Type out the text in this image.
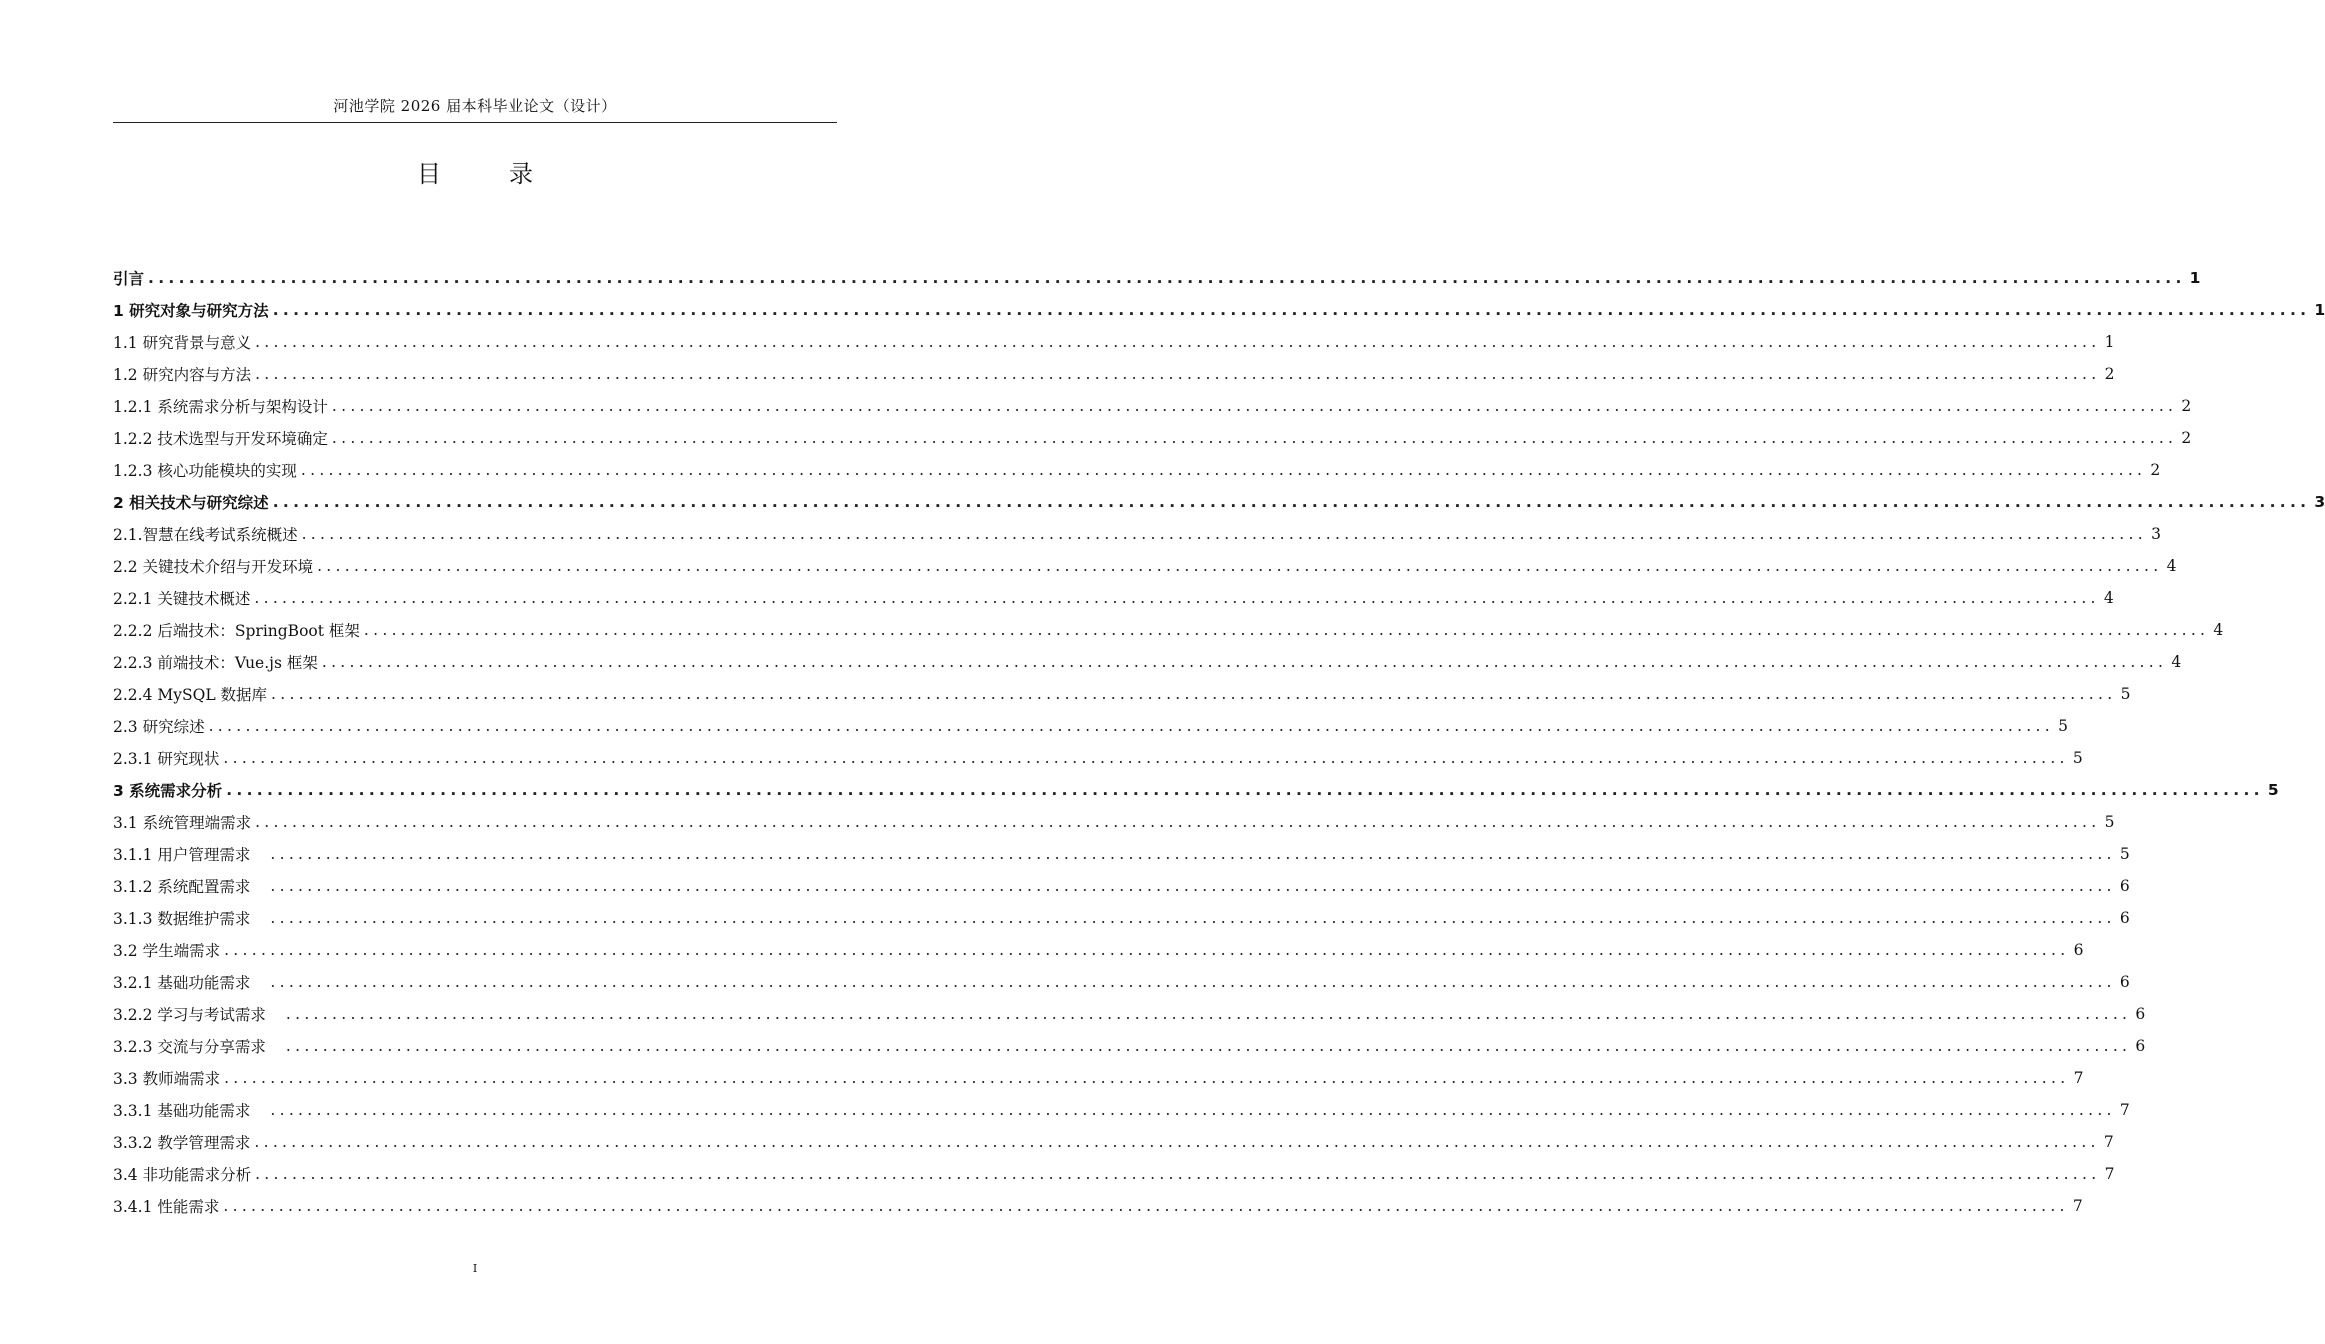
河池学院 2026 届本科毕业论文（设计）
目　录
引言 ........................................................................................................................................................................................................ 1
1 研究对象与研究方法 ........................................................................................................................................................................................................ 1
1.1 研究背景与意义 ........................................................................................................................................................................................................ 1
1.2 研究内容与方法 ........................................................................................................................................................................................................ 2
1.2.1 系统需求分析与架构设计 ........................................................................................................................................................................................................ 2
1.2.2 技术选型与开发环境确定 ........................................................................................................................................................................................................ 2
1.2.3 核心功能模块的实现 ........................................................................................................................................................................................................ 2
2 相关技术与研究综述 ........................................................................................................................................................................................................ 3
2.1.智慧在线考试系统概述 ........................................................................................................................................................................................................ 3
2.2 关键技术介绍与开发环境 ........................................................................................................................................................................................................ 4
2.2.1 关键技术概述 ........................................................................................................................................................................................................ 4
2.2.2 后端技术：SpringBoot 框架 ........................................................................................................................................................................................................ 4
2.2.3 前端技术：Vue.js 框架 ........................................................................................................................................................................................................ 4
2.2.4 MySQL 数据库 ........................................................................................................................................................................................................ 5
2.3 研究综述 ........................................................................................................................................................................................................ 5
2.3.1 研究现状 ........................................................................................................................................................................................................ 5
3 系统需求分析 ........................................................................................................................................................................................................ 5
3.1 系统管理端需求 ........................................................................................................................................................................................................ 5
3.1.1 用户管理需求	........................................................................................................................................................................................................ 5
3.1.2 系统配置需求	........................................................................................................................................................................................................ 6
3.1.3 数据维护需求	........................................................................................................................................................................................................ 6
3.2 学生端需求 ........................................................................................................................................................................................................ 6
3.2.1 基础功能需求	........................................................................................................................................................................................................ 6
3.2.2 学习与考试需求	........................................................................................................................................................................................................ 6
3.2.3 交流与分享需求	........................................................................................................................................................................................................ 6
3.3 教师端需求 ........................................................................................................................................................................................................ 7
3.3.1 基础功能需求	........................................................................................................................................................................................................ 7
3.3.2 教学管理需求 ........................................................................................................................................................................................................ 7
3.4 非功能需求分析 ........................................................................................................................................................................................................ 7
3.4.1 性能需求 ........................................................................................................................................................................................................ 7
I
